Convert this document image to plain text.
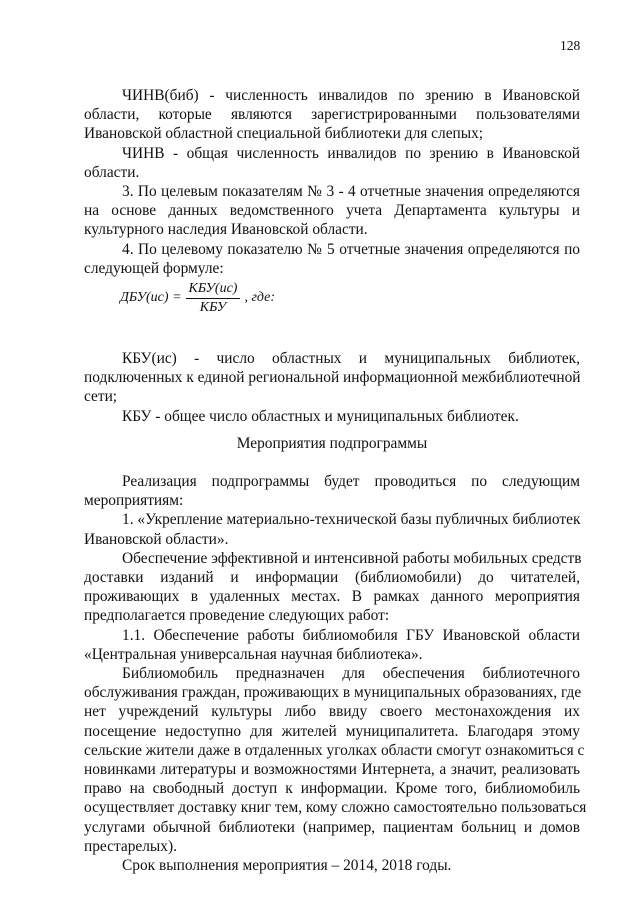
128
ЧИНВ(биб) - численность инвалидов по зрению в Ивановской
области, которые являются зарегистрированными пользователями
Ивановской областной специальной библиотеки для слепых;
ЧИНВ - общая численность инвалидов по зрению в Ивановской
области.
3. По целевым показателям № 3 - 4 отчетные значения определяются
на основе данных ведомственного учета Департамента культуры и
культурного наследия Ивановской области.
4. По целевому показателю № 5 отчетные значения определяются по
следующей формуле:
$ДБУ(ис) = \frac{\text{КБУ(ис)}}{\text{КБУ}}$ , где:
КБУ(ис) - число областных и муниципальных библиотек,
подключенных к единой региональной информационной межбиблиотечной
сети;
КБУ - общее число областных и муниципальных библиотек.
Мероприятия подпрограммы
Реализация подпрограммы будет проводиться по следующим
мероприятиям:
1. «Укрепление материально-технической базы публичных библиотек
Ивановской области».
Обеспечение эффективной и интенсивной работы мобильных средств
доставки изданий и информации (библиомобили) до читателей,
проживающих в удаленных местах. В рамках данного мероприятия
предполагается проведение следующих работ:
1.1. Обеспечение работы библиомобиля ГБУ Ивановской области
«Центральная универсальная научная библиотека».
Библиомобиль предназначен для обеспечения библиотечного
обслуживания граждан, проживающих в муниципальных образованиях, где
нет учреждений культуры либо ввиду своего местонахождения их
посещение недоступно для жителей муниципалитета. Благодаря этому
сельские жители даже в отдаленных уголках области смогут ознакомиться с
новинками литературы и возможностями Интернета, а значит, реализовать
право на свободный доступ к информации. Кроме того, библиомобиль
осуществляет доставку книг тем, кому сложно самостоятельно пользоваться
услугами обычной библиотеки (например, пациентам больниц и домов
престарелых).
Срок выполнения мероприятия – 2014, 2018 годы.
